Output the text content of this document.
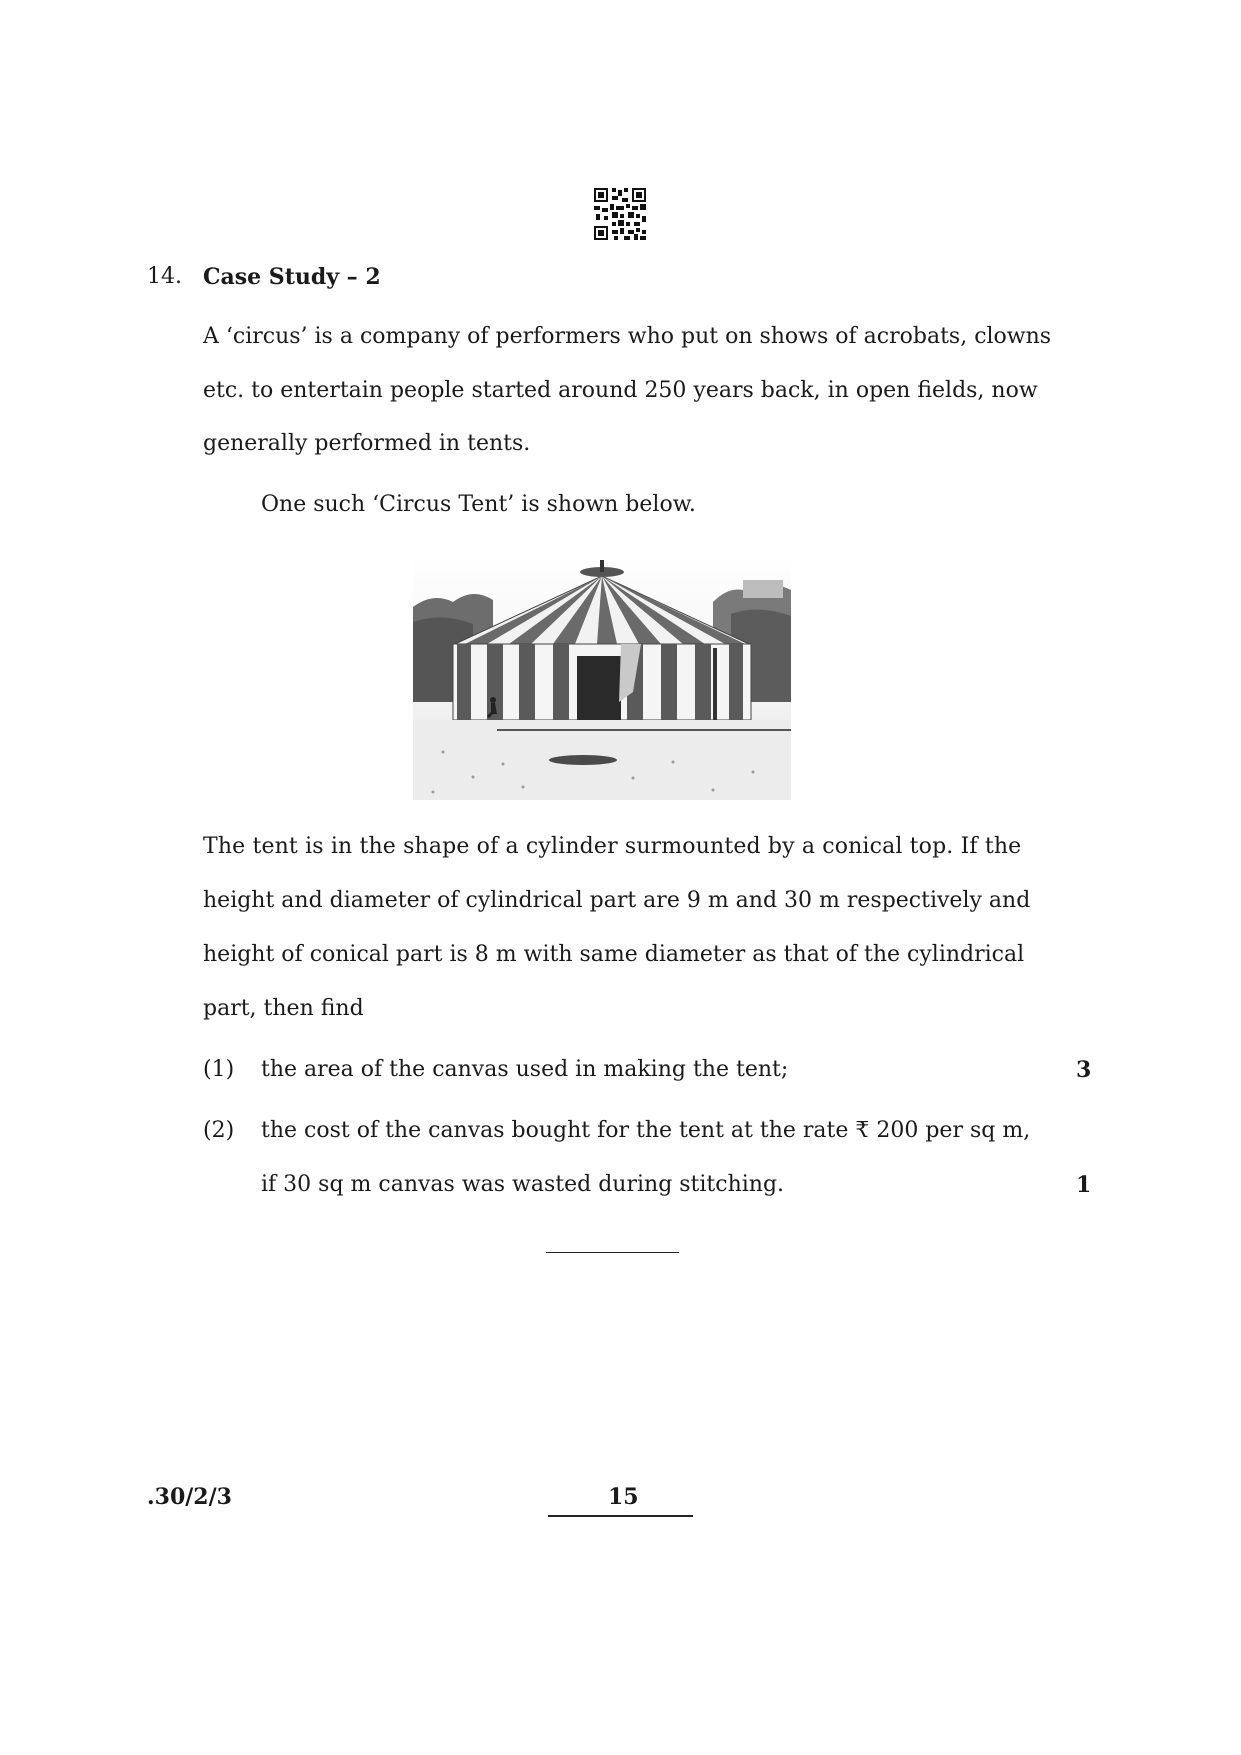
14. Case Study – 2
A ‘circus’ is a company of performers who put on shows of acrobats, clowns
etc. to entertain people started around 250 years back, in open fields, now
generally performed in tents.
One such ‘Circus Tent’ is shown below.
The tent is in the shape of a cylinder surmounted by a conical top. If the
height and diameter of cylindrical part are 9 m and 30 m respectively and
height of conical part is 8 m with same diameter as that of the cylindrical
part, then find
(1) the area of the canvas used in making the tent;	3
(2) the cost of the canvas bought for the tent at the rate ₹ 200 per sq m,
if 30 sq m canvas was wasted during stitching.	1
.30/2/3	15
